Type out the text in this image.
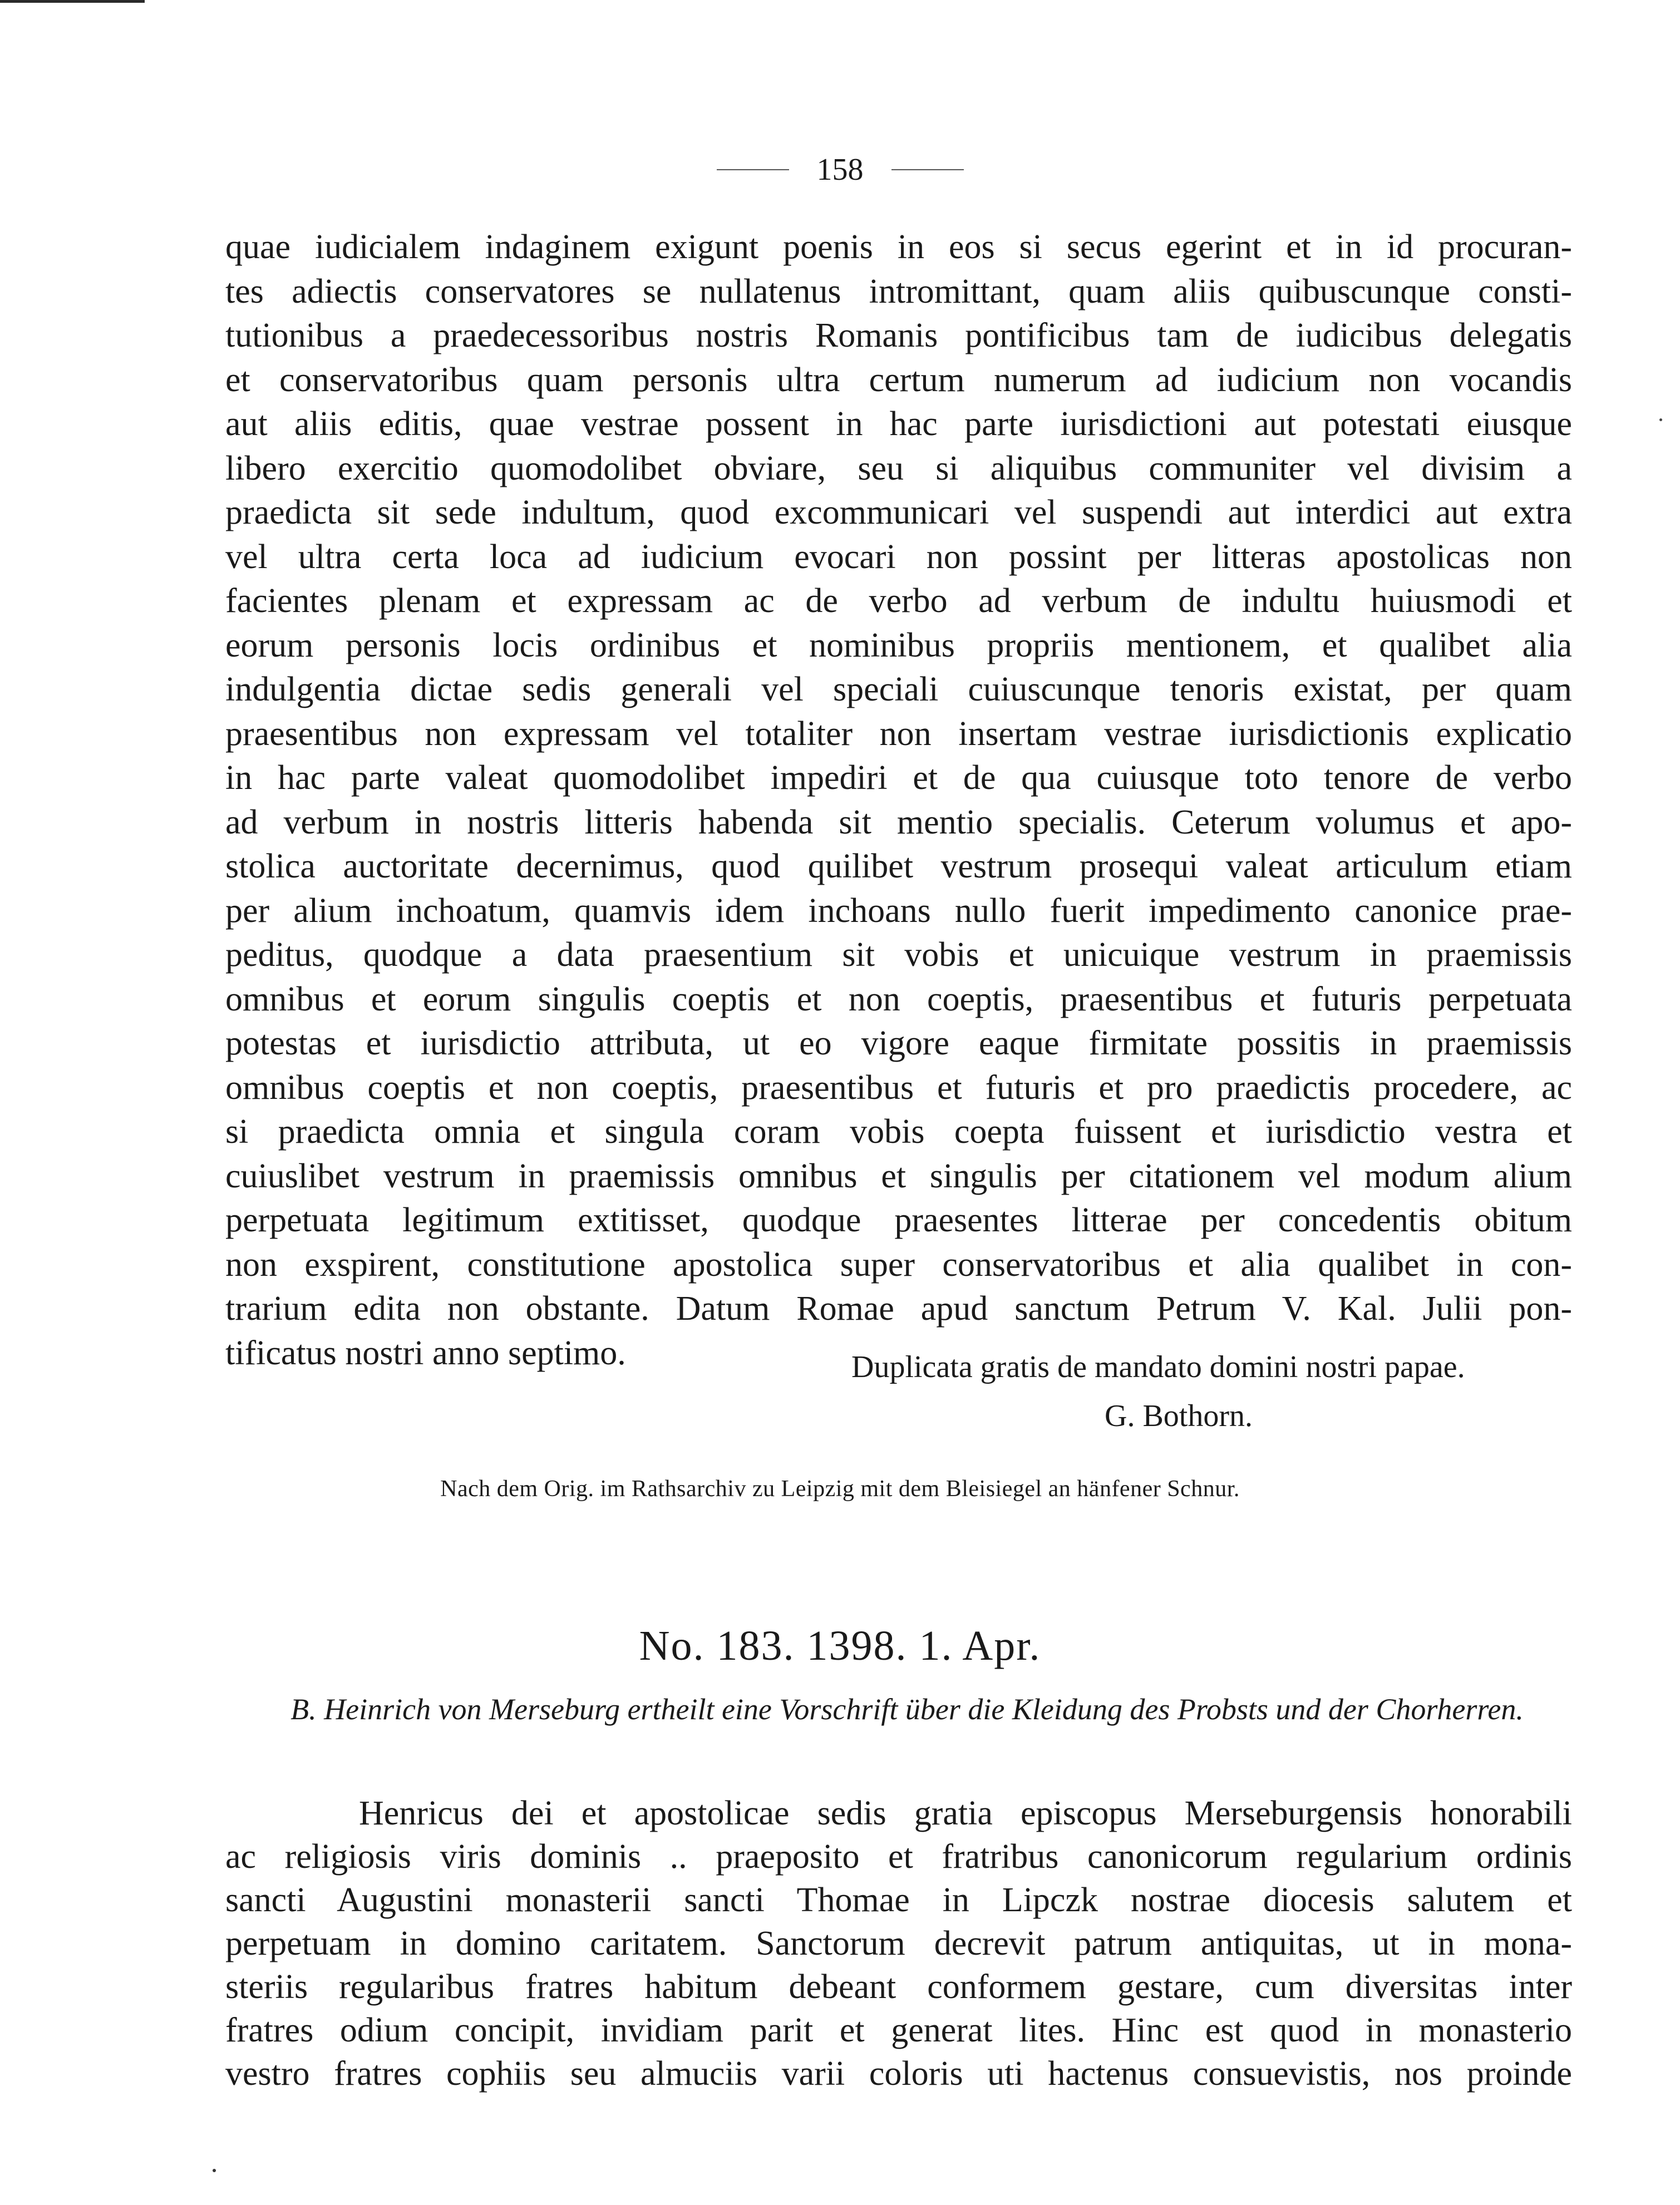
158
quae iudicialem indaginem exigunt poenis in eos si secus egerint et in id procuran-
tes adiectis conservatores se nullatenus intromittant, quam aliis quibuscunque consti-
tutionibus a praedecessoribus nostris Romanis pontificibus tam de iudicibus delegatis
et conservatoribus quam personis ultra certum numerum ad iudicium non vocandis
aut aliis editis, quae vestrae possent in hac parte iurisdictioni aut potestati eiusque
libero exercitio quomodolibet obviare, seu si aliquibus communiter vel divisim a
praedicta sit sede indultum, quod excommunicari vel suspendi aut interdici aut extra
vel ultra certa loca ad iudicium evocari non possint per litteras apostolicas non
facientes plenam et expressam ac de verbo ad verbum de indultu huiusmodi et
eorum personis locis ordinibus et nominibus propriis mentionem, et qualibet alia
indulgentia dictae sedis generali vel speciali cuiuscunque tenoris existat, per quam
praesentibus non expressam vel totaliter non insertam vestrae iurisdictionis explicatio
in hac parte valeat quomodolibet impediri et de qua cuiusque toto tenore de verbo
ad verbum in nostris litteris habenda sit mentio specialis. Ceterum volumus et apo-
stolica auctoritate decernimus, quod quilibet vestrum prosequi valeat articulum etiam
per alium inchoatum, quamvis idem inchoans nullo fuerit impedimento canonice prae-
peditus, quodque a data praesentium sit vobis et unicuique vestrum in praemissis
omnibus et eorum singulis coeptis et non coeptis, praesentibus et futuris perpetuata
potestas et iurisdictio attributa, ut eo vigore eaque firmitate possitis in praemissis
omnibus coeptis et non coeptis, praesentibus et futuris et pro praedictis procedere, ac
si praedicta omnia et singula coram vobis coepta fuissent et iurisdictio vestra et
cuiuslibet vestrum in praemissis omnibus et singulis per citationem vel modum alium
perpetuata legitimum extitisset, quodque praesentes litterae per concedentis obitum
non exspirent, constitutione apostolica super conservatoribus et alia qualibet in con-
trarium edita non obstante. Datum Romae apud sanctum Petrum V. Kal. Julii pon-
tificatus nostri anno septimo.	Duplicata gratis de mandato domini nostri papae.
G. Bothorn.
Nach dem Orig. im Rathsarchiv zu Leipzig mit dem Bleisiegel an hänfener Schnur.
No. 183. 1398. 1. Apr.
B. Heinrich von Merseburg ertheilt eine Vorschrift über die Kleidung des Probsts und der Chorherren.
Henricus dei et apostolicae sedis gratia episcopus Merseburgensis honorabili
ac religiosis viris dominis .. praeposito et fratribus canonicorum regularium ordinis
sancti Augustini monasterii sancti Thomae in Lipczk nostrae diocesis salutem et
perpetuam in domino caritatem. Sanctorum decrevit patrum antiquitas, ut in mona-
steriis regularibus fratres habitum debeant conformem gestare, cum diversitas inter
fratres odium concipit, invidiam parit et generat lites. Hinc est quod in monasterio
vestro fratres cophiis seu almuciis varii coloris uti hactenus consuevistis, nos proinde
